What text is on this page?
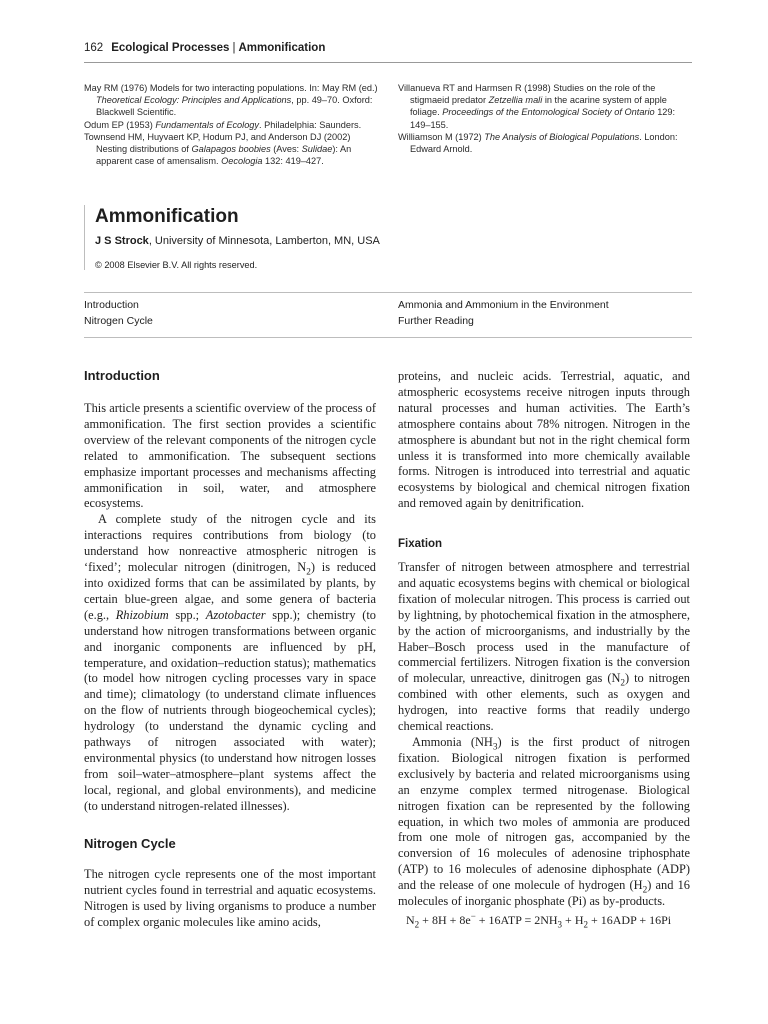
162 Ecological Processes | Ammonification

May RM (1976) Models for two interacting populations. In: May RM (ed.) Theoretical Ecology: Principles and Applications, pp. 49–70. Oxford: Blackwell Scientific.

Odum EP (1953) Fundamentals of Ecology. Philadelphia: Saunders.

Townsend HM, Huyvaert KP, Hodum PJ, and Anderson DJ (2002) Nesting distributions of Galapagos boobies (Aves: Sulidae): An apparent case of amensalism. Oecologia 132: 419–427.

Villanueva RT and Harmsen R (1998) Studies on the role of the stigmaeid predator Zetzellia mali in the acarine system of apple foliage. Proceedings of the Entomological Society of Ontario 129: 149–155.

Williamson M (1972) The Analysis of Biological Populations. London: Edward Arnold.

Ammonification
J S Strock, University of Minnesota, Lamberton, MN, USA
© 2008 Elsevier B.V. All rights reserved.
Introduction
Nitrogen Cycle
Ammonia and Ammonium in the Environment
Further Reading
Introduction

This article presents a scientific overview of the process of ammonification. The first section provides a scientific overview of the relevant components of the nitrogen cycle related to ammonification. The subsequent sections emphasize important processes and mechanisms affecting ammonification in soil, water, and atmosphere ecosystems.

A complete study of the nitrogen cycle and its interactions requires contributions from biology (to understand how nonreactive atmospheric nitrogen is ‘fixed’; molecular nitrogen (dinitrogen, $N_2$) is reduced into oxidized forms that can be assimilated by plants, by certain blue-green algae, and some genera of bacteria (e.g., Rhizobium spp.; Azotobacter spp.); chemistry (to understand how nitrogen transformations between organic and inorganic components are influenced by pH, temperature, and oxidation–reduction status); mathematics (to model how nitrogen cycling processes vary in space and time); climatology (to understand climate influences on the flow of nutrients through biogeochemical cycles); hydrology (to understand the dynamic cycling and pathways of nitrogen associated with water); environmental physics (to understand how nitrogen losses from soil–water–atmosphere–plant systems affect the local, regional, and global environments), and medicine (to understand nitrogen-related illnesses).

Nitrogen Cycle

The nitrogen cycle represents one of the most important nutrient cycles found in terrestrial and aquatic ecosystems. Nitrogen is used by living organisms to produce a number of complex organic molecules like amino acids,

proteins, and nucleic acids. Terrestrial, aquatic, and atmospheric ecosystems receive nitrogen inputs through natural processes and human activities. The Earth’s atmosphere contains about 78% nitrogen. Nitrogen in the atmosphere is abundant but not in the right chemical form unless it is transformed into more chemically available forms. Nitrogen is introduced into terrestrial and aquatic ecosystems by biological and chemical nitrogen fixation and removed again by denitrification.

Fixation

Transfer of nitrogen between atmosphere and terrestrial and aquatic ecosystems begins with chemical or biological fixation of molecular nitrogen. This process is carried out by lightning, by photochemical fixation in the atmosphere, by the action of microorganisms, and industrially by the Haber–Bosch process used in the manufacture of commercial fertilizers. Nitrogen fixation is the conversion of molecular, unreactive, dinitrogen gas $(N_2)$ to nitrogen combined with other elements, such as oxygen and hydrogen, into reactive forms that readily undergo chemical reactions.

Ammonia $(NH_3)$ is the first product of nitrogen fixation. Biological nitrogen fixation is performed exclusively by bacteria and related microorganisms using an enzyme complex termed nitrogenase. Biological nitrogen fixation can be represented by the following equation, in which two moles of ammonia are produced from one mole of nitrogen gas, accompanied by the conversion of 16 molecules of adenosine triphosphate (ATP) to 16 molecules of adenosine diphosphate (ADP) and the release of one molecule of hydrogen $(H_2)$ and 16 molecules of inorganic phosphate (Pi) as by-products.

$N_2 + 8H + 8e^- + 16ATP = 2NH_3 + H_2 + 16ADP + 16Pi$
